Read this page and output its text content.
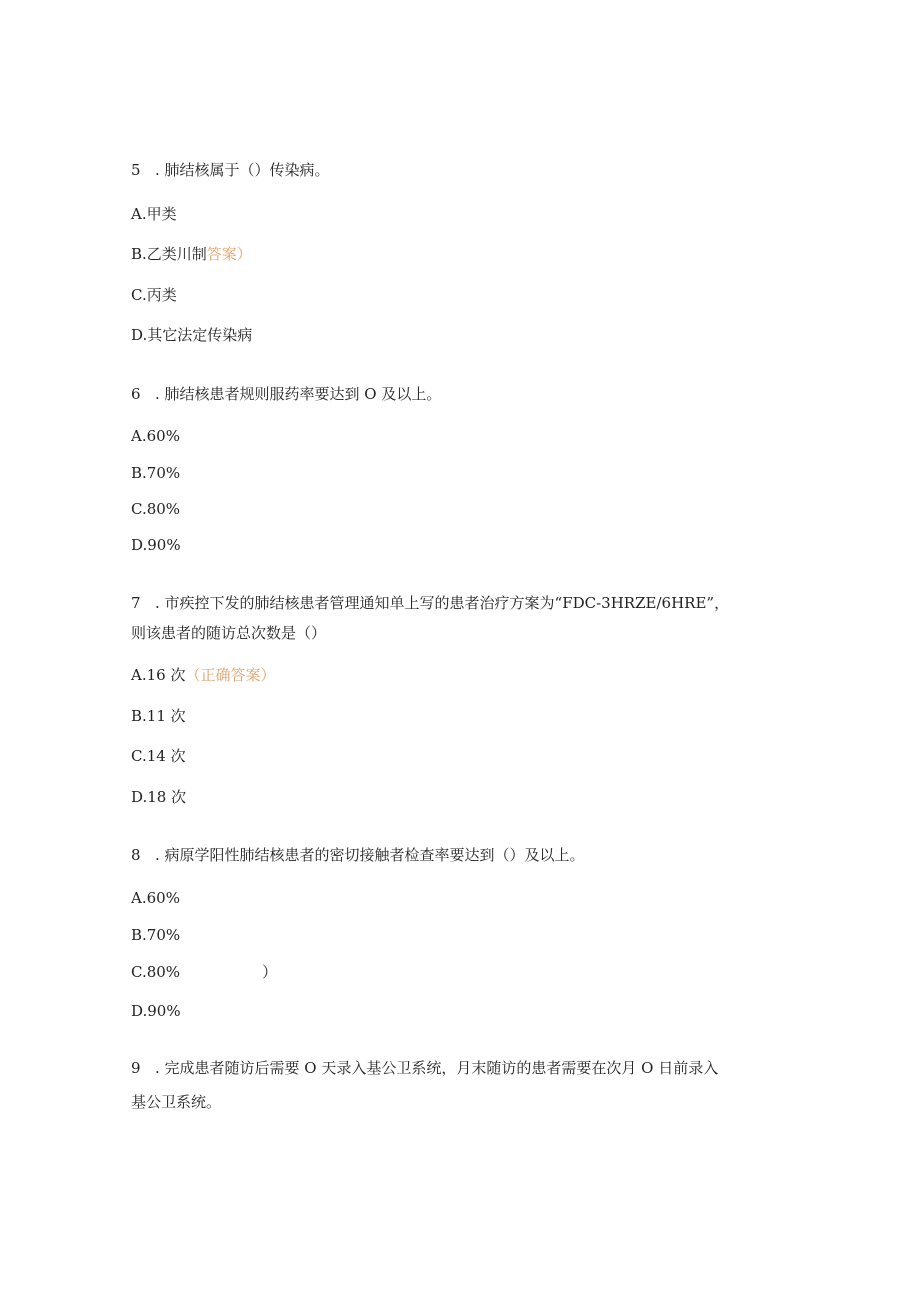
5 . 肺结核属于（）传染病。
A.甲类
B.乙类川制答案）
C.丙类
D.其它法定传染病
6 . 肺结核患者规则服药率要达到 O 及以上。
A.60%
B.70%
C.80%
D.90%
7 . 市疾控下发的肺结核患者管理通知单上写的患者治疗方案为“FDC-3HRZE/6HRE”，
则该患者的随访总次数是（）
A.16 次（正确答案）
B.11 次
C.14 次
D.18 次
8 . 病原学阳性肺结核患者的密切接触者检查率要达到（）及以上。
A.60%
B.70%
C.80%	）
D.90%
9 . 完成患者随访后需要 O 天录入基公卫系统，月末随访的患者需要在次月 O 日前录入
基公卫系统。
